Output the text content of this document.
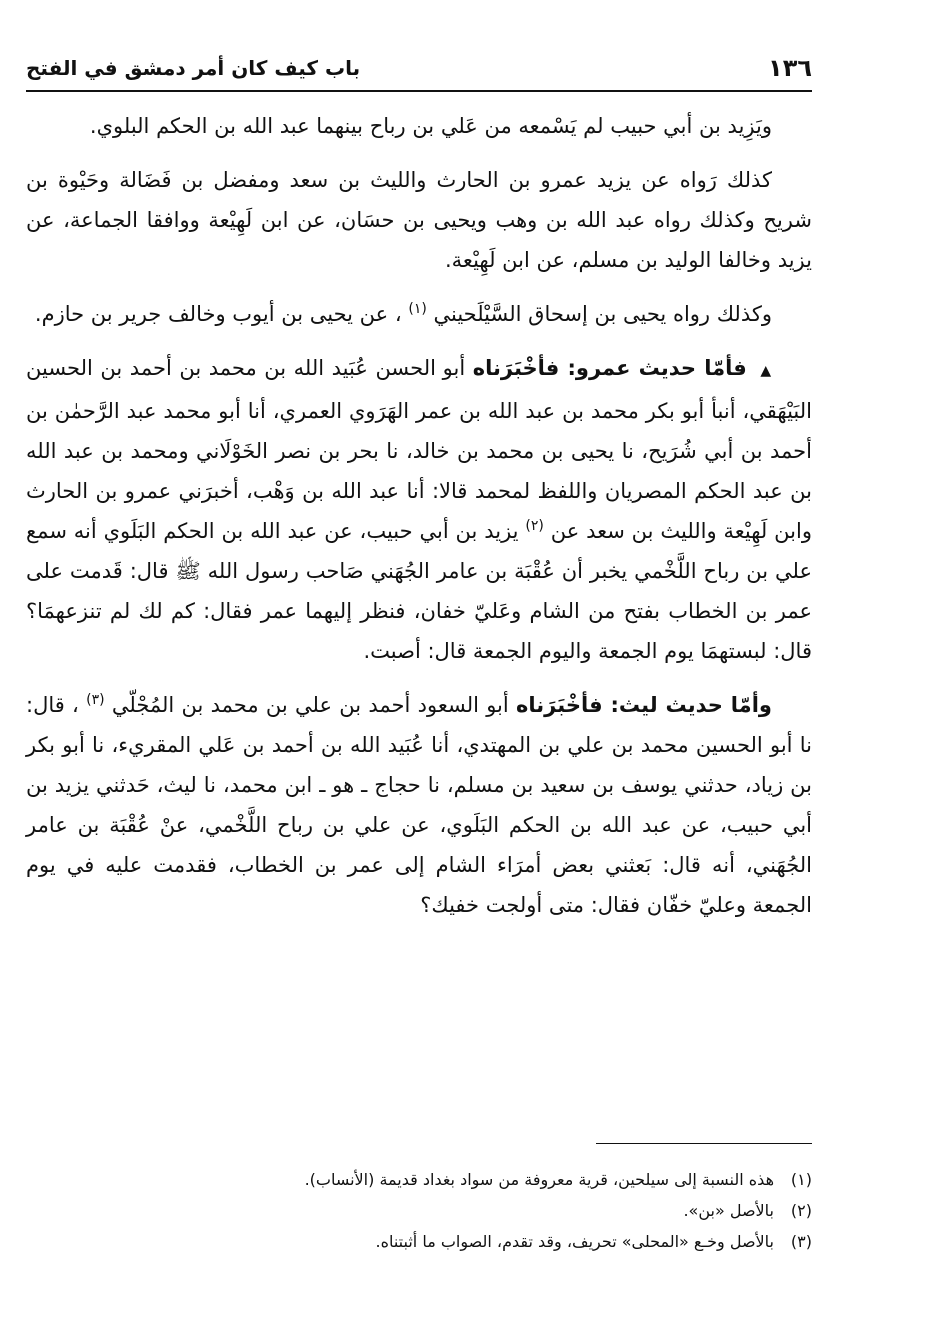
١٣٦
باب كيف كان أمر دمشق في الفتح

ويَزِيد بن أبي حبيب لم يَسْمعه من عَلي بن رباح بينهما عبد الله بن الحكم البلوي.

كذلك رَواه عن يزيد عمرو بن الحارث والليث بن سعد ومفضل بن فَضَالة وحَيْوة بن شريح وكذلك رواه عبد الله بن وهب ويحيى بن حسَان، عن ابن لَهِيْعة ووافقا الجماعة، عن يزيد وخالفا الوليد بن مسلم، عن ابن لَهِيْعة.

وكذلك رواه يحيى بن إسحاق السَّيْلَحيني $^{(١)}$ ، عن يحيى بن أيوب وخالف جرير بن حازم.

▲ فأمّا حديث عمرو: فأخْبَرَناه أبو الحسن عُبَيد الله بن محمد بن أحمد بن الحسين البَيْهَقي، أنبأ أبو بكر محمد بن عبد الله بن عمر الهَرَوي العمري، أنا أبو محمد عبد الرَّحمٰن بن أحمد بن أبي شُرَيح، نا يحيى بن محمد بن خالد، نا بحر بن نصر الخَوْلَاني ومحمد بن عبد الله بن عبد الحكم المصريان واللفظ لمحمد قالا: أنا عبد الله بن وَهْب، أخبرَني عمرو بن الحارث وابن لَهِيْعة والليث بن سعد عن $^{(٢)}$ يزيد بن أبي حبيب، عن عبد الله بن الحكم البَلَوي أنه سمع علي بن رباح اللَّخْمي يخبر أن عُقْبَة بن عامر الجُهَني صَاحب رسول الله ﷺ قال: قَدمت على عمر بن الخطاب بفتح من الشام وعَليّ خفان، فنظر إليهما عمر فقال: كم لك لم تنزعهمَا؟ قال: لبستهمَا يوم الجمعة واليوم الجمعة قال: أصبت.

وأمّا حديث ليث: فأخْبَرَناه أبو السعود أحمد بن علي بن محمد بن المُجْلّي $^{(٣)}$ ، قال: نا أبو الحسين محمد بن علي بن المهتدي، أنا عُبَيد الله بن أحمد بن عَلي المقريء، نا أبو بكر بن زياد، حدثني يوسف بن سعيد بن مسلم، نا حجاج ـ هو ـ ابن محمد، نا ليث، حَدثني يزيد بن أبي حبيب، عن عبد الله بن الحكم البَلَوي، عن علي بن رباح اللَّخْمي، عنْ عُقْبَة بن عامر الجُهَني، أنه قال: بَعثني بعض أمرَاء الشام إلى عمر بن الخطاب، فقدمت عليه في يوم الجمعة وعليّ خفّان فقال: متى أولجت خفيك؟

(١)هذه النسبة إلى سيلحين، قرية معروفة من سواد بغداد قديمة (الأنساب).
(٢)بالأصل «بن».
(٣)بالأصل وخـع «المحلى» تحريف، وقد تقدم، الصواب ما أثبتناه.
